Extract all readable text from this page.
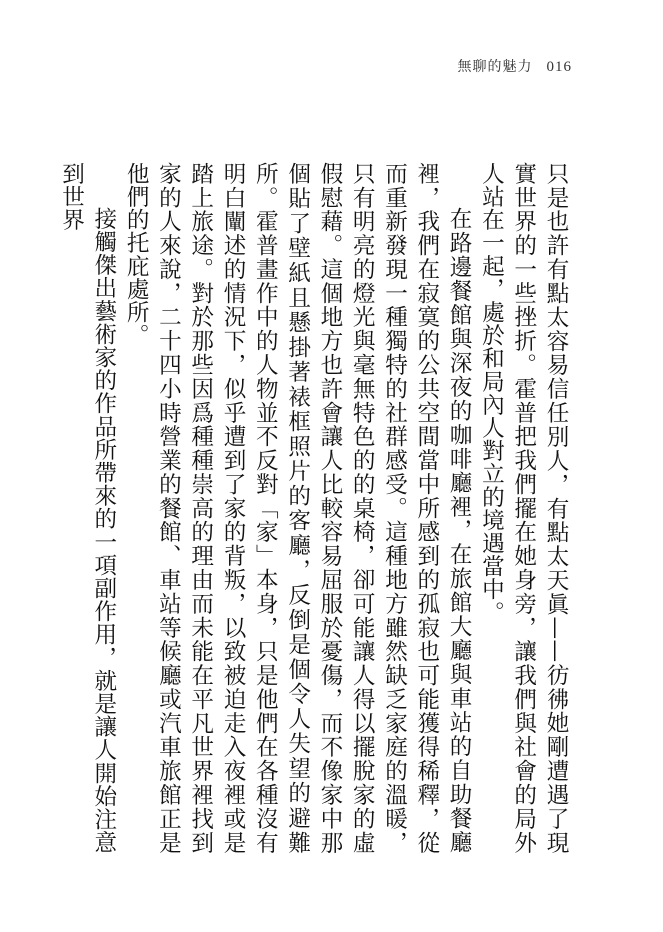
無聊的魅力 016

只是也許有點太容易信任別人，有點太天眞——彷彿她剛遭遇了現實世界的一些挫折。霍普把我們擺在她身旁，讓我們與社會的局外人站在一起，處於和局內人對立的境遇當中。

在路邊餐館與深夜的咖啡廳裡，在旅館大廳與車站的自助餐廳裡，我們在寂寞的公共空間當中所感到的孤寂也可能獲得稀釋，從而重新發現一種獨特的社群感受。這種地方雖然缺乏家庭的溫暖，只有明亮的燈光與毫無特色的的桌椅，卻可能讓人得以擺脫家的虛假慰藉。這個地方也許會讓人比較容易屈服於憂傷，而不像家中那個貼了壁紙且懸掛著裱框照片的客廳，反倒是個令人失望的避難所。霍普畫作中的人物並不反對「家」本身，只是他們在各種沒有明白闡述的情況下，似乎遭到了家的背叛，以致被迫走入夜裡或是踏上旅途。對於那些因爲種種崇高的理由而未能在平凡世界裡找到家的人來說，二十四小時營業的餐館、車站等候廳或汽車旅館正是他們的托庇處所。

接觸傑出藝術家的作品所帶來的一項副作用，就是讓人開始注意到世界
